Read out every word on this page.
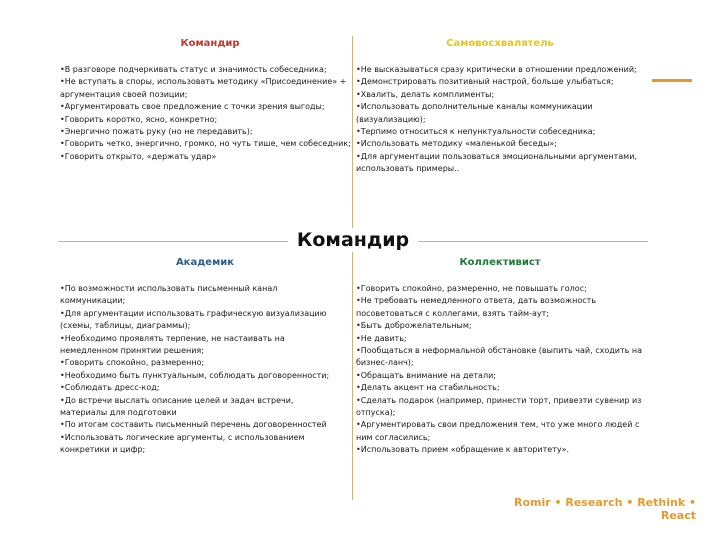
Командир
• В разговоре подчеркивать статус и значимость собеседника;
• Не вступать в споры, использовать методику «Присоединение» + аргументация своей позиции;
• Аргументировать свое предложение с точки зрения выгоды;
• Говорить коротко, ясно, конкретно;
• Энергично пожать руку (но не передавить);
• Говорить четко, энергично, громко, но чуть тише, чем собеседник;
• Говорить открыто, «держать удар»
Самовосхвалятель
• Не высказываться сразу критически в отношении предложений;
• Демонстрировать позитивный настрой, больше улыбаться;
• Хвалить, делать комплименты;
• Использовать дополнительные каналы коммуникации (визуализацию);
• Терпимо относиться к непунктуальности собеседника;
• Использовать методику «маленькой беседы»;
• Для аргументации пользоваться эмоциональными аргументами, использовать примеры..
Командир
Академик
• По возможности использовать письменный канал коммуникации;
• Для аргументации использовать графическую визуализацию (схемы, таблицы, диаграммы);
• Необходимо проявлять терпение, не настаивать на немедленном принятии решения;
• Говорить спокойно, размеренно;
• Необходимо быть пунктуальным, соблюдать договоренности;
• Соблюдать дресс-код;
• До встречи выслать описание целей и задач встречи, материалы для подготовки
• По итогам составить письменный перечень договоренностей
• Использовать логические аргументы, с использованием конкретики и цифр;
Коллективист
• Говорить спокойно, размеренно, не повышать голос;
• Не требовать немедленного ответа, дать возможность посоветоваться с коллегами, взять тайм-аут;
• Быть доброжелательным;
• Не давить;
• Пообщаться в неформальной обстановке (выпить чай, сходить на бизнес-ланч);
• Обращать внимание на детали;
• Делать акцент на стабильность;
• Сделать подарок (например, принести торт, привезти сувенир из отпуска);
• Аргументировать свои предложения тем, что уже много людей с ним согласились;
• Использовать прием «обращение к авторитету».
Romir • Research • Rethink • React
